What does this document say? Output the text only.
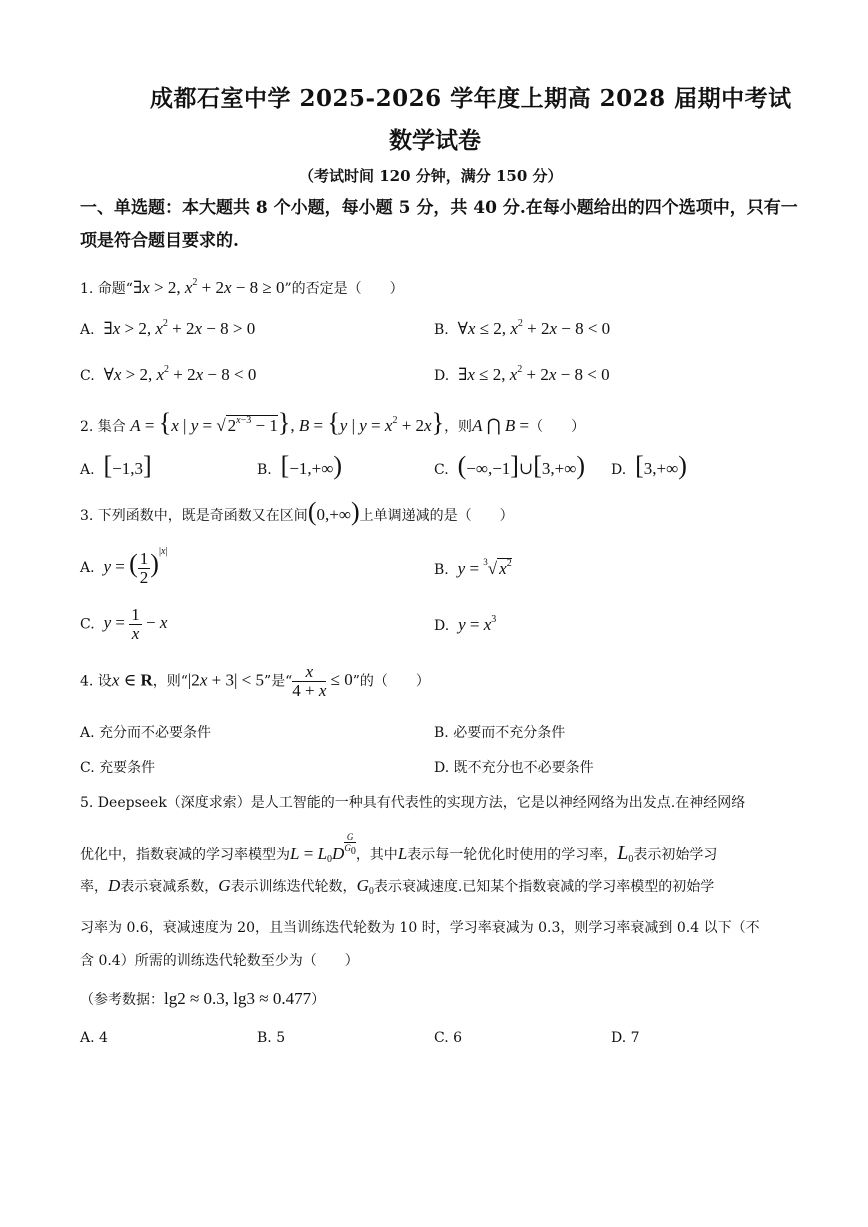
成都石室中学 2025-2026 学年度上期高 2028 届期中考试
数学试卷
（考试时间 120 分钟，满分 150 分）
一、单选题：本大题共 8 个小题，每小题 5 分，共 40 分.在每小题给出的四个选项中，只有一
项是符合题目要求的.
1. 命题“∃x > 2, $x^2 + 2x - 8 \ge 0$”的否定是（　　）
A. ∃x > 2, $x^2 + 2x - 8 > 0$	B. ∀x ≤ 2, $x^2 + 2x - 8 < 0$
C. ∀x > 2, $x^2 + 2x - 8 < 0$	D. ∃x ≤ 2, $x^2 + 2x - 8 < 0$
2. 集合 A = {x | y = √ $2^{x-3} - 1$}, B = {y | $y = x^2 + 2x$}，则A ⋂ B =（　　）
A. [−1,3]	B. [−1,+∞)	C. (−∞,−1]∪[3,+∞) D. [3,+∞)
3. 下列函数中，既是奇函数又在区间(0,+∞)上单调递减的是（　　）
A. y = ( $\frac{1}{2} )^{|x|}$
B. y = $^3$√ $x^2$
C. $y = \frac{1}{x} - x$	D. $y = x^3$
4. 设x ∈ R，则“|2x + 3| < 5”是“ $\frac{x}{4 + x} \le 0$”的（　　）
A. 充分而不必要条件	B. 必要而不充分条件
C. 充要条件	D. 既不充分也不必要条件
5. Deepseek（深度求索）是人工智能的一种具有代表性的实现方法，它是以神经网络为出发点.在神经网络
优化中，指数衰减的学习率模型为$L = L_0D$ $^{\frac{G}{G_0}}$ ，其中L表示每一轮优化时使用的学习率，$L_0$表示初始学习
率，D表示衰减系数，G表示训练迭代轮数，$G_0$表示衰减速度.已知某个指数衰减的学习率模型的初始学
习率为 0.6，衰减速度为 20，且当训练迭代轮数为 10 时，学习率衰减为 0.3，则学习率衰减到 0.4 以下（不
含 0.4）所需的训练迭代轮数至少为（　　）
（参考数据：lg2 ≈ 0.3, lg3 ≈ 0.477）
A. 4	B. 5	C. 6	D. 7
